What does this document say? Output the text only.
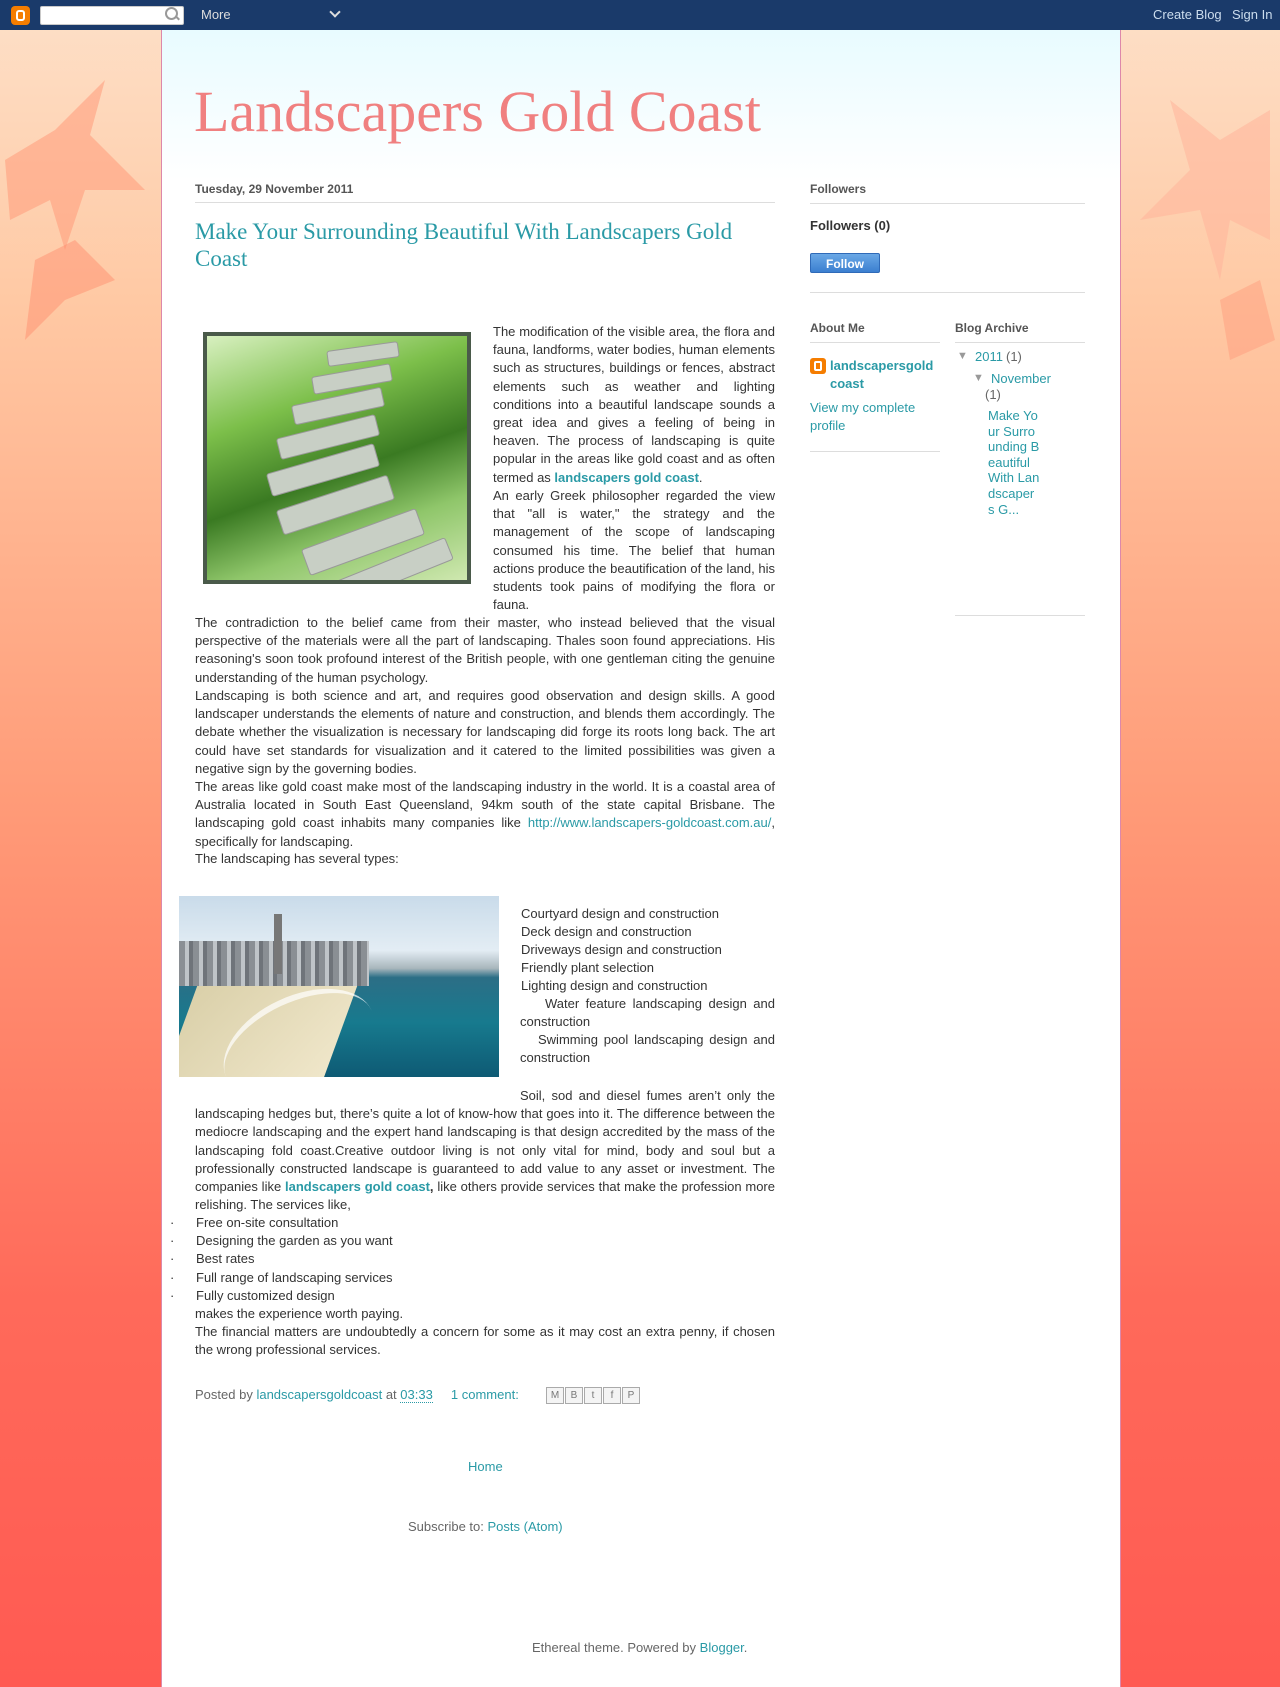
More	Create Blog Sign In
Landscapers Gold Coast
Tuesday, 29 November 2011
Make Your Surrounding Beautiful With Landscapers Gold Coast

The modification of the visible area, the flora and fauna, landforms, water bodies, human elements such as structures, buildings or fences, abstract elements such as weather and lighting conditions into a beautiful landscape sounds a great idea and gives a feeling of being in heaven. The process of landscaping is quite popular in the areas like gold coast and as often termed as landscapers gold coast.

An early Greek philosopher regarded the view that "all is water," the strategy and the management of the scope of landscaping consumed his time. The belief that human actions produce the beautification of the land, his students took pains of modifying the flora or fauna.

The contradiction to the belief came from their master, who instead believed that the visual perspective of the materials were all the part of landscaping. Thales soon found appreciations. His reasoning's soon took profound interest of the British people, with one gentleman citing the genuine understanding of the human psychology.

Landscaping is both science and art, and requires good observation and design skills. A good landscaper understands the elements of nature and construction, and blends them accordingly. The debate whether the visualization is necessary for landscaping did forge its roots long back. The art could have set standards for visualization and it catered to the limited possibilities was given a negative sign by the governing bodies.

The areas like gold coast make most of the landscaping industry in the world. It is a coastal area of Australia located in South East Queensland, 94km south of the state capital Brisbane. The landscaping gold coast inhabits many companies like http://www.landscapers-goldcoast.com.au/, specifically for landscaping.

The landscaping has several types:
Courtyard design and construction
Deck design and construction
Driveways design and construction
Friendly plant selection
Lighting design and construction

Water feature landscaping design and construction

Swimming pool landscaping design and construction

Soil, sod and diesel fumes aren’t only the landscaping hedges but, there’s quite a lot of know-how that goes into it. The difference between the mediocre landscaping and the expert hand landscaping is that design accredited by the mass of the landscaping fold coast.Creative outdoor living is not only vital for mind, body and soul but a professionally constructed landscape is guaranteed to add value to any asset or investment. The companies like landscapers gold coast, like others provide services that make the profession more relishing. The services like,

· Free on-site consultation
· Designing the garden as you want
· Best rates
· Full range of landscaping services
· Fully customized design
makes the experience worth paying.

The financial matters are undoubtedly a concern for some as it may cost an extra penny, if chosen the wrong professional services.

Posted by landscapersgoldcoast at 03:33 1 comment:	M	B	t	f	P
Home
Subscribe to: Posts (Atom)
Ethereal theme. Powered by Blogger.
Followers
Followers (0)
Follow
About Me
landscapersgoldcoast
View my complete profile
Blog Archive
▼ 2011 (1)
▼ November
(1)
Make Your Surrounding Beautiful With Landscapers G...
